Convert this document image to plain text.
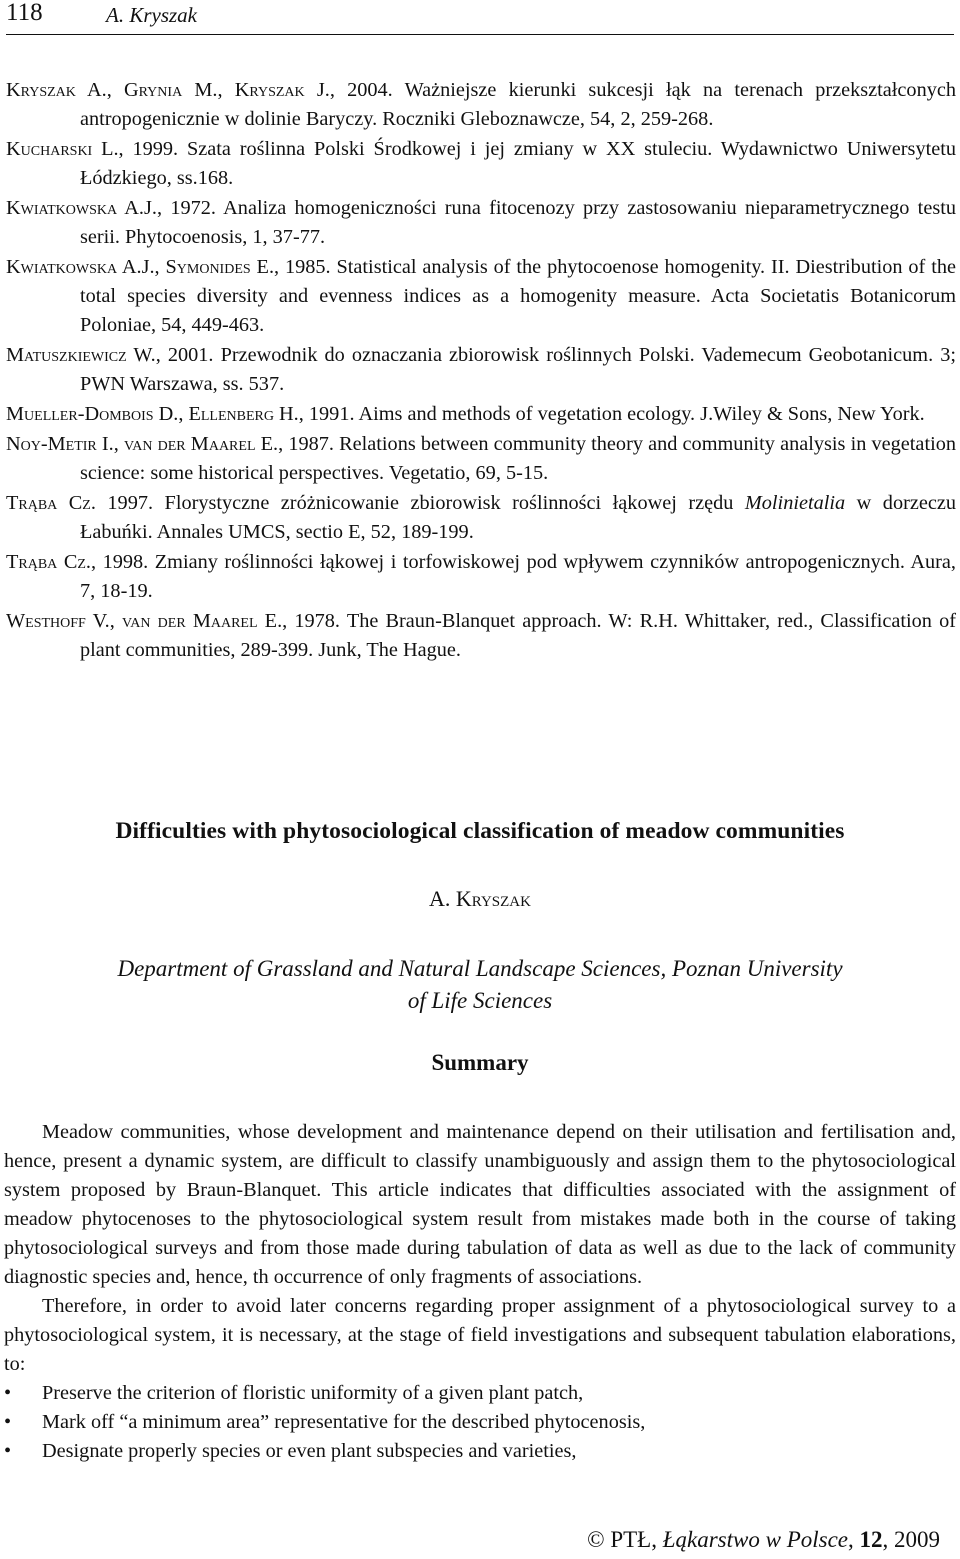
118	A. Kryszak
Kryszak A., Grynia M., Kryszak J., 2004. Ważniejsze kierunki sukcesji łąk na terenach przekształconych antropogenicznie w dolinie Baryczy. Roczniki Gleboznawcze, 54, 2, 259-268.
Kucharski L., 1999. Szata roślinna Polski Środkowej i jej zmiany w XX stuleciu. Wydawnictwo Uniwersytetu Łódzkiego, ss.168.
Kwiatkowska A.J., 1972. Analiza homogeniczności runa fitocenozy przy zastosowaniu nieparametrycznego testu serii. Phytocoenosis, 1, 37-77.
Kwiatkowska A.J., Symonides E., 1985. Statistical analysis of the phytocoenose homogenity. II. Diestribution of the total species diversity and evenness indices as a homogenity measure. Acta Societatis Botanicorum Poloniae, 54, 449-463.
Matuszkiewicz W., 2001. Przewodnik do oznaczania zbiorowisk roślinnych Polski. Vademecum Geobotanicum. 3; PWN Warszawa, ss. 537.
Mueller-Dombois D., Ellenberg H., 1991. Aims and methods of vegetation ecology. J.Wiley & Sons, New York.
Noy-Metir I., van der Maarel E., 1987. Relations between community theory and community analysis in vegetation science: some historical perspectives. Vegetatio, 69, 5-15.
Trąba Cz. 1997. Florystyczne zróżnicowanie zbiorowisk roślinności łąkowej rzędu Molinietalia w dorzeczu Łabuńki. Annales UMCS, sectio E, 52, 189-199.
Trąba Cz., 1998. Zmiany roślinności łąkowej i torfowiskowej pod wpływem czynników antropogenicznych. Aura, 7, 18-19.
Westhoff V., van der Maarel E., 1978. The Braun-Blanquet approach. W: R.H. Whittaker, red., Classification of plant communities, 289-399. Junk, The Hague.
Difficulties with phytosociological classification of meadow communities
A. Kryszak
Department of Grassland and Natural Landscape Sciences, Poznan University
of Life Sciences
Summary

Meadow communities, whose development and maintenance depend on their utilisation and fertilisation and, hence, present a dynamic system, are difficult to classify unambiguously and assign them to the phytosociological system proposed by Braun-Blanquet. This article indicates that difficulties associated with the assignment of meadow phytocenoses to the phytosociological system result from mistakes made both in the course of taking phytosociological surveys and from those made during tabulation of data as well as due to the lack of community diagnostic species and, hence, th occurrence of only fragments of associations.

Therefore, in order to avoid later concerns regarding proper assignment of a phytosociological survey to a phytosociological system, it is necessary, at the stage of field investigations and subsequent tabulation elaborations, to:

• Preserve the criterion of floristic uniformity of a given plant patch,
• Mark off “a minimum area” representative for the described phytocenosis,
• Designate properly species or even plant subspecies and varieties,
© PTŁ, Łąkarstwo w Polsce, 12, 2009
